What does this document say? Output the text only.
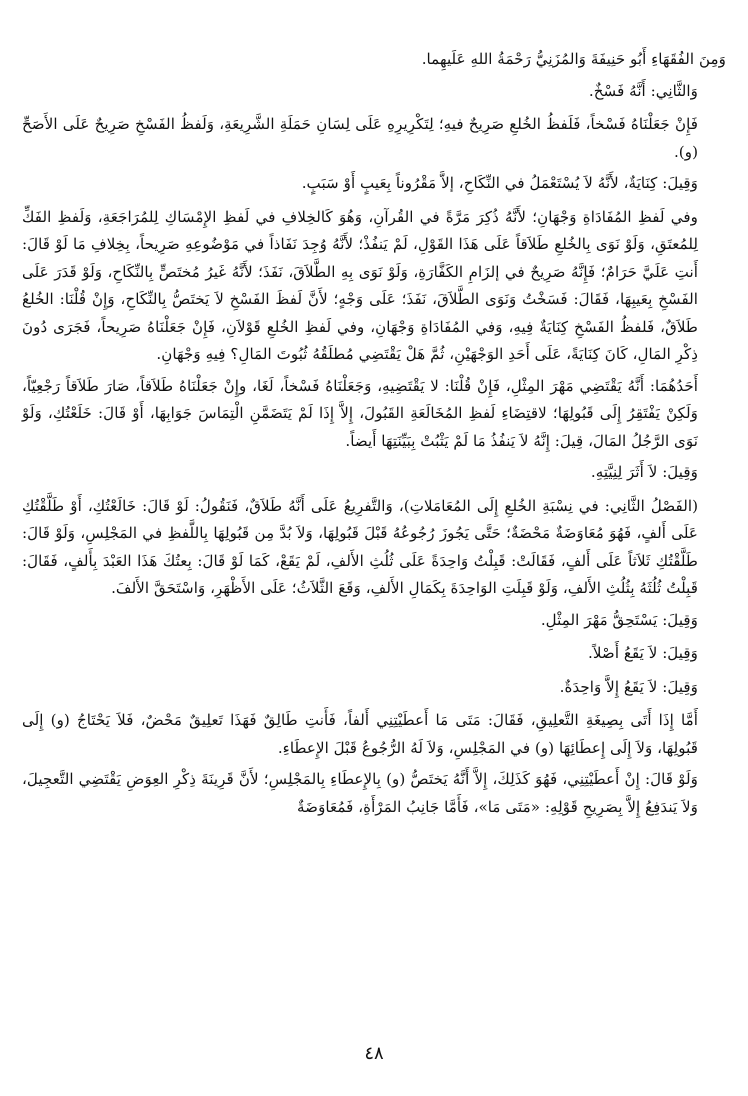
وَمِنَ الفُقَهَاءِ أَبُو حَنِيفَةَ وَالمُزَنِيُّ رَحْمَةُ اللهِ عَلَيهِما.

وَالثَّانِي: أَنَّهُ فَسْخٌ.

فَإِنْ جَعَلْنَاهُ فَسْخاً، فَلَفظُ الخُلعِ صَرِيحٌ فيهِ؛ لِتَكْرِيرِهِ عَلَى لِسَانِ حَمَلَةِ الشَّرِيعَةِ، وَلَفظُ الفَسْخِ صَرِيحٌ عَلَى الأَصَحِّ (و).

وَقِيلَ: كِنَايَةٌ، لأَنَّهُ لاَ يُسْتَعْمَلُ في النِّكَاحِ، إلاَّ مَقْرُوناً بِعَيبٍ أَوْ سَبَبٍ.

وفي لَفظِ المُفَادَاةِ وَجْهَانِ؛ لأَنَّهُ ذُكِرَ مَرَّةً في القُرآنِ، وَهُوَ كَالخِلافِ في لَفظِ الإِمْسَاكِ لِلمُرَاجَعَةِ، وَلَفظِ الفَكِّ لِلمُعتَقِ، وَلَوْ نَوَى بِالخُلعِ طَلاَقاً عَلَى هَذَا القَوْلِ، لَمْ يَنفُذْ؛ لأَنَّهُ وُجِدَ نَفَاذاً في مَوْضُوعِهِ صَرِيحاً، بِخِلافِ مَا لَوْ قَالَ: أَنتِ عَلَيَّ حَرَامٌ؛ فَإِنَّهُ صَرِيحٌ في إلزَامِ الكَفَّارَةِ، وَلَوْ نَوَى بِهِ الطَّلاَقَ، نَفَذَ؛ لأَنَّهُ غَيرُ مُختَصٍّ بِالنِّكَاحِ، وَلَوْ قَدَرَ عَلَى الفَسْخِ بِعَيبِهَا، فَقَالَ: فَسَخْتُ وَنَوَى الطَّلاَقَ، نَفَذَ؛ عَلَى وَجْهٍ؛ لأَنَّ لَفظَ الفَسْخِ لاَ يَختَصُّ بِالنِّكَاحِ، وَإِنْ قُلْنَا: الخُلعُ طَلاَقٌ، فَلفظُ الفَسْخِ كِنَايَةٌ فِيهِ، وَفي المُفَادَاةِ وَجْهَانِ، وفي لَفظِ الخُلعِ قَوْلاَنِ، فَإِنْ جَعَلْنَاهُ صَرِيحاً، فَجَرَى دُونَ ذِكْرِ المَالِ، كَانَ كِنَايَةً، عَلَى أَحَدِ الوَجْهَيْنِ، ثُمَّ هَلْ يَقْتَضِي مُطلَقُهُ ثُبُوتَ المَالِ؟ فِيهِ وَجْهَانِ.

أَحَدُهُمَا: أَنَّهُ يَقْتَضِي مَهْرَ المِثْلِ، فَإِنْ قُلْنَا: لا يَقْتَضِيهِ، وَجَعَلْنَاهُ فَسْخاً، لَغَا، وإِنْ جَعَلْنَاهُ طَلاَقاً، صَارَ طَلاَقاً رَجْعِيّاً، وَلَكِنْ يَفْتَقِرُ إِلَى قَبُولِهَا؛ لاقتِضَاءِ لَفظِ المُخَالَعَةِ القَبُولَ، إِلاَّ إِذَا لَمْ يَتَضَمَّنِ الْتِمَاسَ جَوَابِهَا، أَوْ قَالَ: خَلَعْتُكِ، وَلَوْ نَوَى الرَّجُلُ المَالَ، قِيلَ: إِنَّهُ لاَ يَنفُذُ مَا لَمْ يَثْبُتْ بِبَيِّنَتِهَا أَيضاً.

وَقِيلَ: لاَ أَثَرَ لِنِيَّتِهِ.

(الفَصْلُ الثَّانِي: في نِسْبَةِ الخُلعِ إِلَى المُعَامَلاتِ)، وَالتَّفرِيعُ عَلَى أَنَّهُ طَلاَقٌ، فَنَقُولُ: لَوْ قَالَ: خَالَعْتُكِ، أَوْ طَلَّقْتُكِ عَلَى أَلفٍ، فَهُوَ مُعَاوَضَةٌ مَحْضَةٌ؛ حَتَّى يَجُوزَ رُجُوعُهُ قَبْلَ قَبُولِهَا، وَلاَ بُدَّ مِن قَبُولِهَا بِاللَّفظِ في المَجْلِسِ، وَلَوْ قَالَ: طَلَّقْتُكِ ثَلاَثاً عَلَى أَلفٍ، فَقَالَتْ: قَبِلْتُ وَاحِدَةً عَلَى ثُلُثِ الأَلفِ، لَمْ يَقَعْ، كَمَا لَوْ قَالَ: بِعتُكَ هَذَا العَبْدَ بِأَلفٍ، فَقَالَ: قَبِلْتُ ثُلُثَهُ بِثُلُثِ الأَلفِ، وَلَوْ قَبِلَتِ الوَاحِدَةَ بِكَمَالِ الأَلفِ، وَقَعَ الثَّلاَثُ؛ عَلَى الأَظْهَرِ، وَاسْتَحَقَّ الأَلفَ.

وَقِيلَ: يَسْتَحِقُّ مَهْرَ المِثْلِ.

وَقِيلَ: لاَ يَقَعُ أَصْلاً.

وَقِيلَ: لاَ يَقَعُ إِلاَّ وَاحِدَةٌ.

أَمَّا إِذَا أَتَى بِصِيغَةِ التَّعلِيقِ، فَقَالَ: مَتَى مَا أَعطَيْتِنِي أَلفاً، فَأَنتِ طَالِقٌ فَهَذَا تَعلِيقٌ مَحْضٌ، فَلاَ يَحْتَاجُ (و) إِلَى قَبُولِهَا، وَلاَ إِلَى إِعطَائِهَا (و) في المَجْلِسِ، وَلاَ لَهُ الرُّجُوعُ قَبْلَ الإِعطَاءِ.

وَلَوْ قَالَ: إِنْ أَعطَيْتِنِي، فَهُوَ كَذَلِكَ، إِلاَّ أَنَّهُ يَختَصُّ (و) بِالإِعطَاءِ بِالمَجْلِسِ؛ لأَنَّ قَرِينَةَ ذِكْرِ العِوَضِ يَقْتَضِي التَّعجِيلَ، وَلاَ يَندَفِعُ إِلاَّ بِصَرِيحِ قَوْلِهِ: «مَتَى مَا»، فَأَمَّا جَانِبُ المَرْأَةِ، فَمُعَاوَضَةٌ

٤٨
